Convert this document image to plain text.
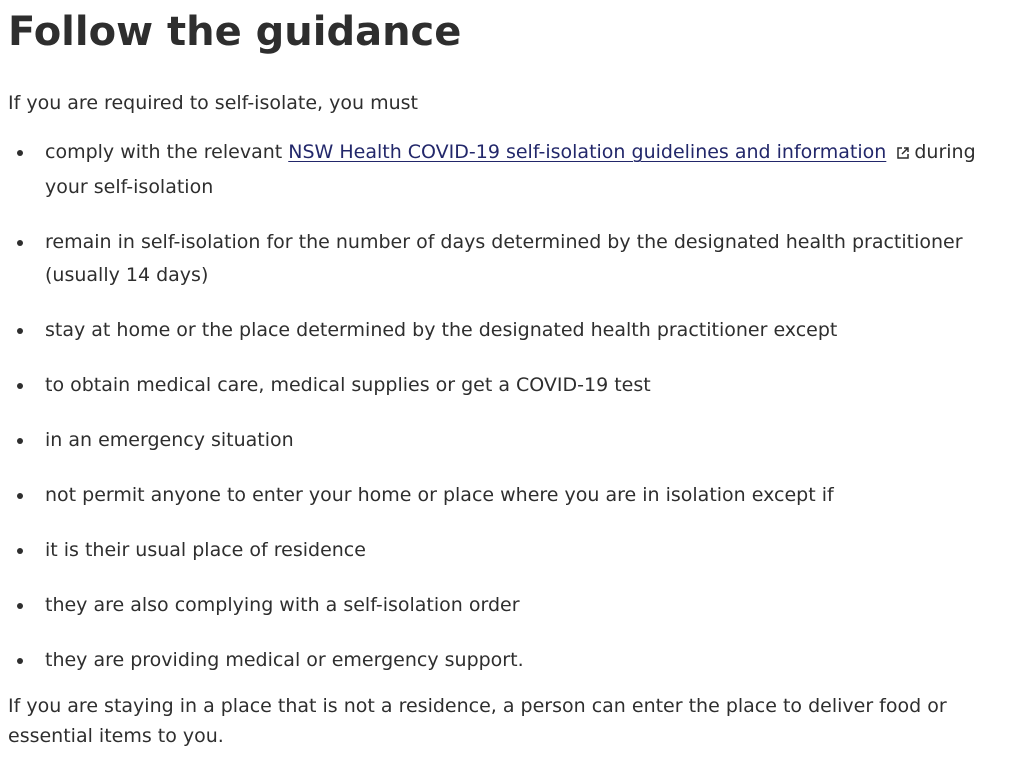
Follow the guidance

If you are required to self-isolate, you must

comply with the relevant NSW Health COVID-19 self-isolation guidelines and information during your self-isolation
remain in self-isolation for the number of days determined by the designated health practitioner (usually 14 days)
stay at home or the place determined by the designated health practitioner except
to obtain medical care, medical supplies or get a COVID-19 test
in an emergency situation
not permit anyone to enter your home or place where you are in isolation except if
it is their usual place of residence
they are also complying with a self-isolation order
they are providing medical or emergency support.

If you are staying in a place that is not a residence, a person can enter the place to deliver food or essential items to you.
